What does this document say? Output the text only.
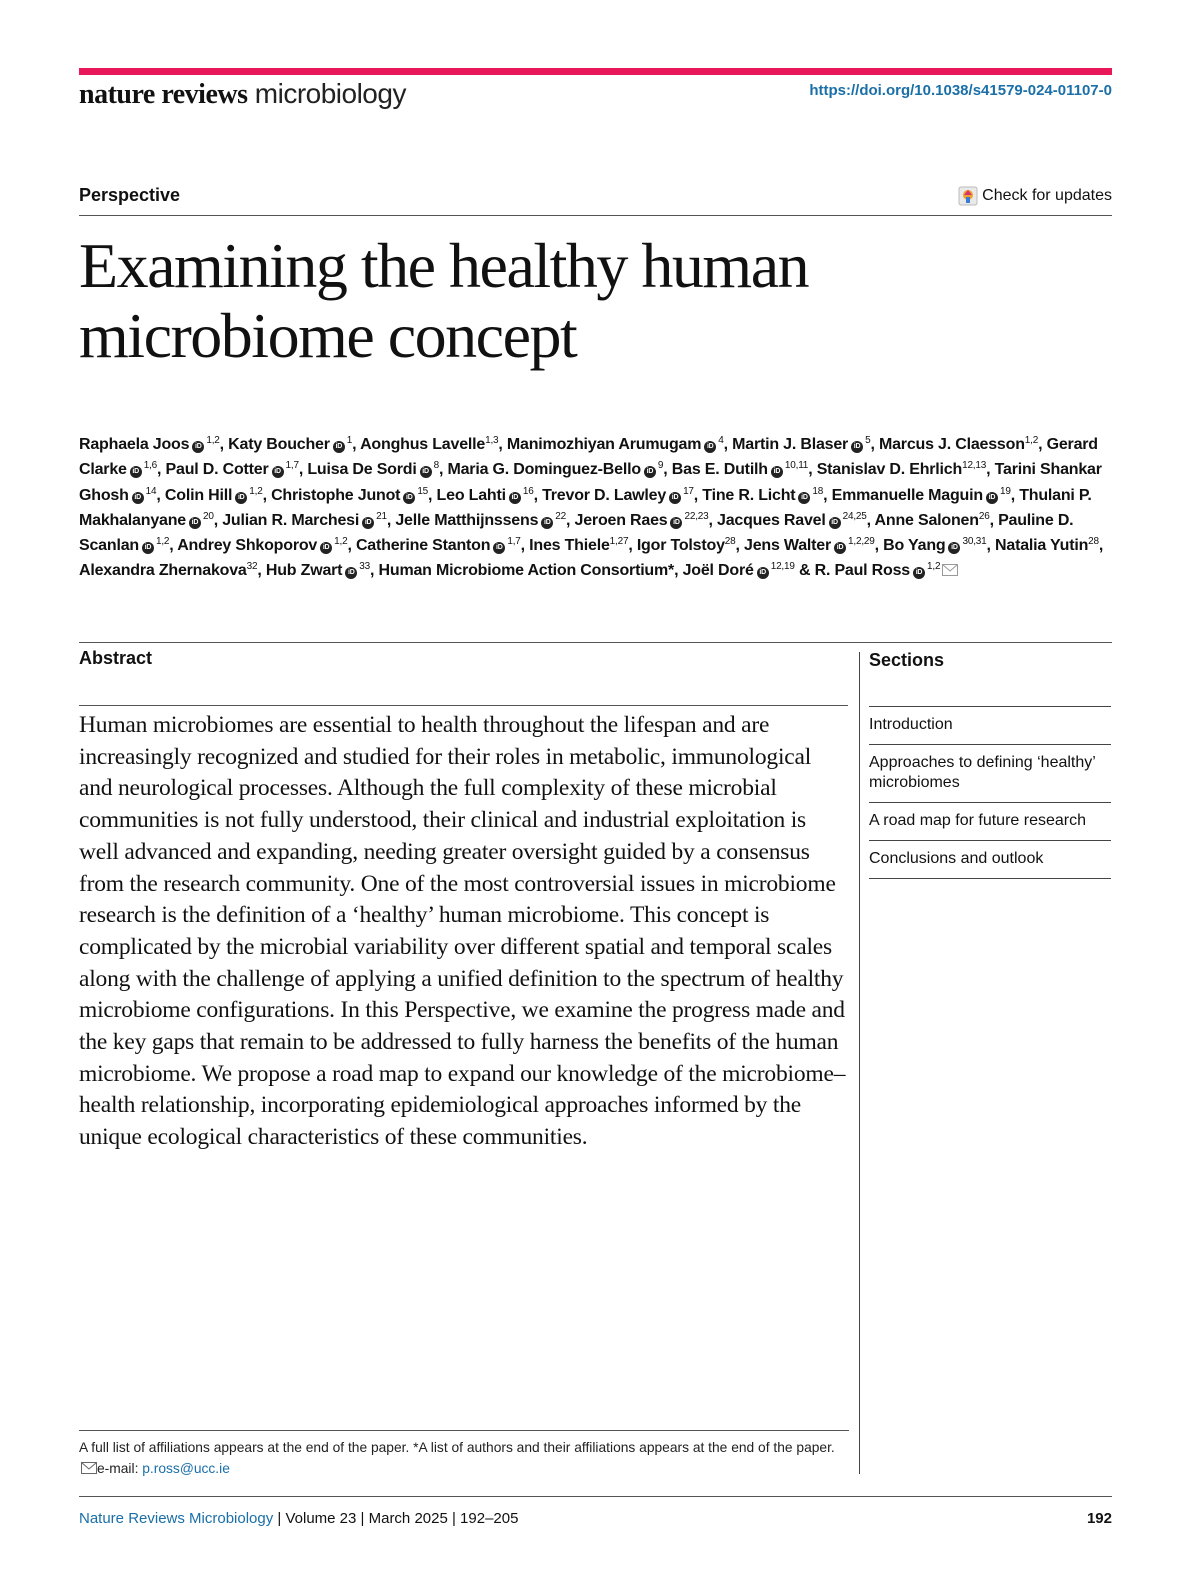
nature reviews microbiology	https://doi.org/10.1038/s41579-024-01107-0
Perspective	Check for updates
Examining the healthy human
microbiome concept

Raphaela Joos iD$^{1,2}$, Katy Boucher $iD^1$, Aonghus Lavelle$^{1,3}$, Manimozhiyan Arumugam $iD^4$, Martin J. Blaser $iD^5$, Marcus J. Claesson$^{1,2}$, Gerard Clarke iD$^{1,6}$, Paul D. Cotter iD$^{1,7}$, Luisa De Sordi $iD^8$, Maria G. Dominguez-Bello $iD^9$, Bas E. Dutilh iD$^{10,11}$, Stanislav D. Ehrlich$^{12,13}$, Tarini Shankar Ghosh $iD^{14}$, Colin Hill iD$^{1,2}$, Christophe Junot $iD^{15}$, Leo Lahti $iD^{16}$, Trevor D. Lawley $iD^{17}$, Tine R. Licht $iD^{18}$, Emmanuelle Maguin $iD^{19}$, Thulani P. Makhalanyane $iD^{20}$, Julian R. Marchesi $iD^{21}$, Jelle Matthijnssens $iD^{22}$, Jeroen Raes iD$^{22,23}$, Jacques Ravel iD$^{24,25}$, Anne Salonen$^{26}$, Pauline D. Scanlan iD$^{1,2}$, Andrey Shkoporov iD$^{1,2}$, Catherine Stanton iD$^{1,7}$, Ines Thiele$^{1,27}$, Igor Tolstoy$^{28}$, Jens Walter iD$^{1,2,29}$, Bo Yang iD$^{30,31}$, Natalia Yutin$^{28}$, Alexandra Zhernakova$^{32}$, Hub Zwart $iD^{33}$, Human Microbiome Action Consortium*, Joël Doré iD$^{12,19}$ & R. Paul Ross iD$^{1,2}$

Abstract

Human microbiomes are essential to health throughout the lifespan and are increasingly recognized and studied for their roles in metabolic, immunological and neurological processes. Although the full complexity of these microbial communities is not fully understood, their clinical and industrial exploitation is well advanced and expanding, needing greater oversight guided by a consensus from the research community. One of the most controversial issues in microbiome research is the definition of a ‘healthy’ human microbiome. This concept is complicated by the microbial variability over different spatial and temporal scales along with the challenge of applying a unified definition to the spectrum of healthy microbiome configurations. In this Perspective, we examine the progress made and the key gaps that remain to be addressed to fully harness the benefits of the human microbiome. We propose a road map to expand our knowledge of the microbiome–health relationship, incorporating epidemiological approaches informed by the unique ecological characteristics of these communities.

Sections
Introduction
Approaches to defining ‘healthy’ microbiomes
A road map for future research
Conclusions and outlook

A full list of affiliations appears at the end of the paper. *A list of authors and their affiliations appears at the end of the paper. e-mail: p.ross@ucc.ie

Nature Reviews Microbiology | Volume 23 | March 2025 | 192–205	192
